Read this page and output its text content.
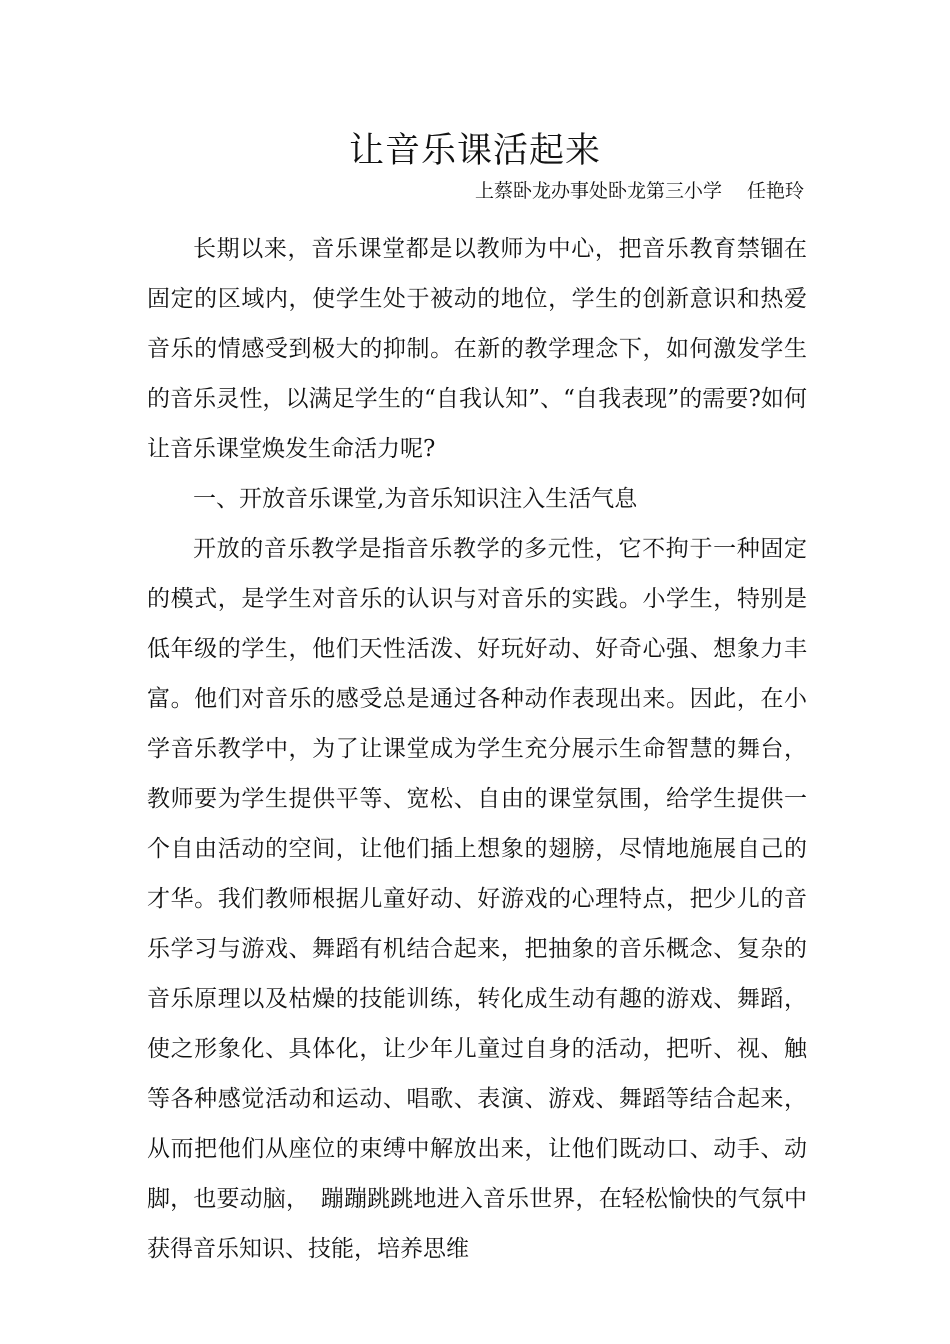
让音乐课活起来
上蔡卧龙办事处卧龙第三小学　 任艳玲

长期以来，音乐课堂都是以教师为中心，把音乐教育禁锢在固定的区域内，使学生处于被动的地位，学生的创新意识和热爱音乐的情感受到极大的抑制。在新的教学理念下，如何激发学生的音乐灵性，以满足学生的“自我认知”、“自我表现”的需要?如何让音乐课堂焕发生命活力呢?

一、开放音乐课堂,为音乐知识注入生活气息

开放的音乐教学是指音乐教学的多元性，它不拘于一种固定的模式，是学生对音乐的认识与对音乐的实践。小学生，特别是低年级的学生，他们天性活泼、好玩好动、好奇心强、想象力丰富。他们对音乐的感受总是通过各种动作表现出来。因此，在小学音乐教学中，为了让课堂成为学生充分展示生命智慧的舞台，教师要为学生提供平等、宽松、自由的课堂氛围，给学生提供一个自由活动的空间，让他们插上想象的翅膀，尽情地施展自己的才华。我们教师根据儿童好动、好游戏的心理特点，把少儿的音乐学习与游戏、舞蹈有机结合起来，把抽象的音乐概念、复杂的音乐原理以及枯燥的技能训练，转化成生动有趣的游戏、舞蹈，使之形象化、具体化，让少年儿童过自身的活动，把听、视、触等各种感觉活动和运动、唱歌、表演、游戏、舞蹈等结合起来，从而把他们从座位的束缚中解放出来，让他们既动口、动手、动脚，也要动脑，　蹦蹦跳跳地进入音乐世界，在轻松愉快的气氛中获得音乐知识、技能，培养思维
